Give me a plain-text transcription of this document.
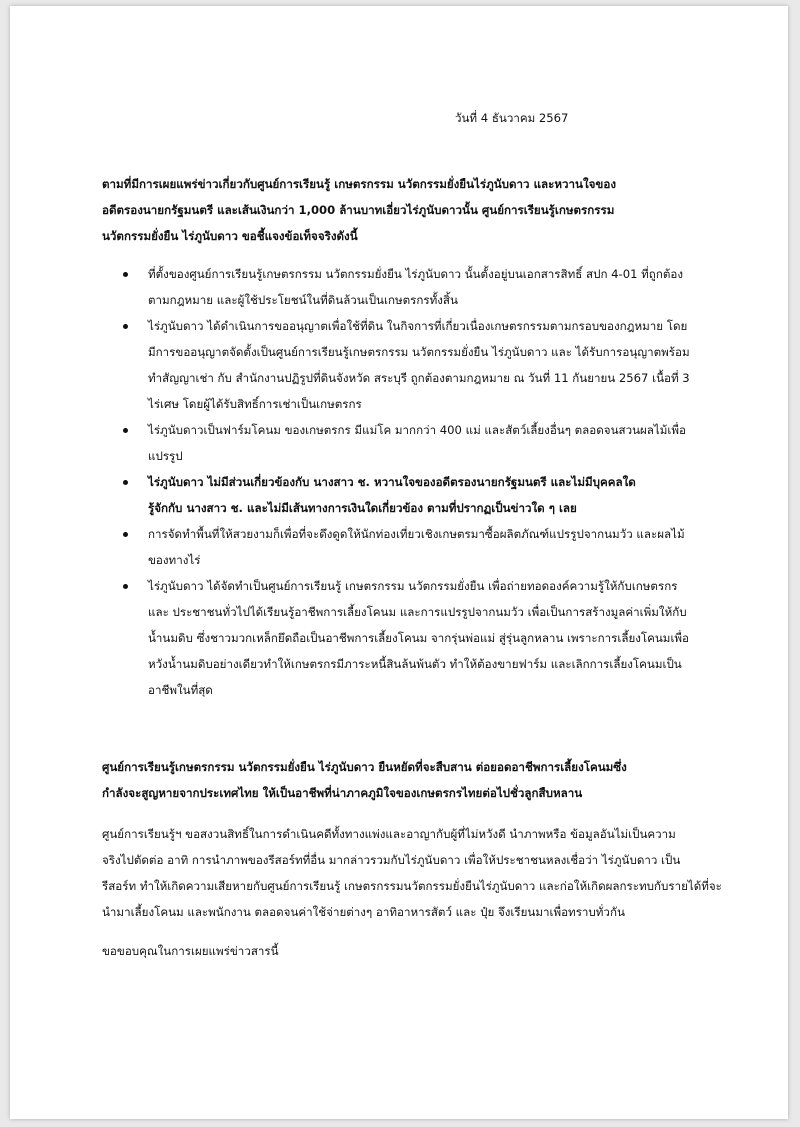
วันที่ 4 ธันวาคม 2567
ตามที่มีการเผยแพร่ข่าวเกี่ยวกับศูนย์การเรียนรู้ เกษตรกรรม นวัตกรรมยั่งยืนไร่ภูนับดาว และหวานใจของ
อดีตรองนายกรัฐมนตรี และเส้นเงินกว่า 1,000 ล้านบาทเอี่ยวไร่ภูนับดาวนั้น ศูนย์การเรียนรู้เกษตรกรรม
นวัตกรรมยั่งยืน ไร่ภูนับดาว ขอชี้แจงข้อเท็จจริงดังนี้
ที่ตั้งของศูนย์การเรียนรู้เกษตรกรรม นวัตกรรมยั่งยืน ไร่ภูนับดาว นั้นตั้งอยู่บนเอกสารสิทธิ์ สปก 4-01 ที่ถูกต้อง
ตามกฎหมาย และผู้ใช้ประโยชน์ในที่ดินล้วนเป็นเกษตรกรทั้งสิ้น
ไร่ภูนับดาว ได้ดำเนินการขออนุญาตเพื่อใช้ที่ดิน ในกิจการที่เกี่ยวเนื่องเกษตรกรรมตามกรอบของกฎหมาย โดย
มีการขออนุญาตจัดตั้งเป็นศูนย์การเรียนรู้เกษตรกรรม นวัตกรรมยั่งยืน ไร่ภูนับดาว และ ได้รับการอนุญาตพร้อม
ทำสัญญาเช่า กับ สำนักงานปฏิรูปที่ดินจังหวัด สระบุรี ถูกต้องตามกฎหมาย ณ วันที่ 11 กันยายน 2567 เนื้อที่ 3
ไร่เศษ โดยผู้ได้รับสิทธิ์การเช่าเป็นเกษตรกร
ไร่ภูนับดาวเป็นฟาร์มโคนม ของเกษตรกร มีแม่โค มากกว่า 400 แม่ และสัตว์เลี้ยงอื่นๆ ตลอดจนสวนผลไม้เพื่อ
แปรรูป
ไร่ภูนับดาว ไม่มีส่วนเกี่ยวข้องกับ นางสาว ช. หวานใจของอดีตรองนายกรัฐมนตรี และไม่มีบุคคลใด
รู้จักกับ นางสาว ช. และไม่มีเส้นทางการเงินใดเกี่ยวข้อง ตามที่ปรากฏเป็นข่าวใด ๆ เลย
การจัดทำพื้นที่ให้สวยงามก็เพื่อที่จะดึงดูดให้นักท่องเที่ยวเชิงเกษตรมาซื้อผลิตภัณฑ์แปรรูปจากนมวัว และผลไม้
ของทางไร่
ไร่ภูนับดาว ได้จัดทำเป็นศูนย์การเรียนรู้ เกษตรกรรม นวัตกรรมยั่งยืน เพื่อถ่ายทอดองค์ความรู้ให้กับเกษตรกร
และ ประชาชนทั่วไปได้เรียนรู้อาชีพการเลี้ยงโคนม และการแปรรูปจากนมวัว เพื่อเป็นการสร้างมูลค่าเพิ่มให้กับ
น้ำนมดิบ ซึ่งชาวมวกเหล็กยึดถือเป็นอาชีพการเลี้ยงโคนม จากรุ่นพ่อแม่ สู่รุ่นลูกหลาน เพราะการเลี้ยงโคนมเพื่อ
หวังน้ำนมดิบอย่างเดียวทำให้เกษตรกรมีภาระหนี้สินล้นพ้นตัว ทำให้ต้องขายฟาร์ม และเลิกการเลี้ยงโคนมเป็น
อาชีพในที่สุด
ศูนย์การเรียนรู้เกษตรกรรม นวัตกรรมยั่งยืน ไร่ภูนับดาว ยืนหยัดที่จะสืบสาน ต่อยอดอาชีพการเลี้ยงโคนมซึ่ง
กำลังจะสูญหายจากประเทศไทย ให้เป็นอาชีพที่น่าภาคภูมิใจของเกษตรกรไทยต่อไปชั่วลูกสืบหลาน
ศูนย์การเรียนรู้ฯ ขอสงวนสิทธิ์ในการดำเนินคดีทั้งทางแพ่งและอาญากับผู้ที่ไม่หวังดี นำภาพหรือ ข้อมูลอันไม่เป็นความ
จริงไปตัดต่อ อาทิ การนำภาพของรีสอร์ทที่อื่น มากล่าวรวมกับไร่ภูนับดาว เพื่อให้ประชาชนหลงเชื่อว่า ไร่ภูนับดาว เป็น
รีสอร์ท ทำให้เกิดความเสียหายกับศูนย์การเรียนรู้ เกษตรกรรมนวัตกรรมยั่งยืนไร่ภูนับดาว และก่อให้เกิดผลกระทบกับรายได้ที่จะ
นำมาเลี้ยงโคนม และพนักงาน ตลอดจนค่าใช้จ่ายต่างๆ อาทิอาหารสัตว์ และ ปุ๋ย จึงเรียนมาเพื่อทราบทั่วกัน
ขอขอบคุณในการเผยแพร่ข่าวสารนี้
